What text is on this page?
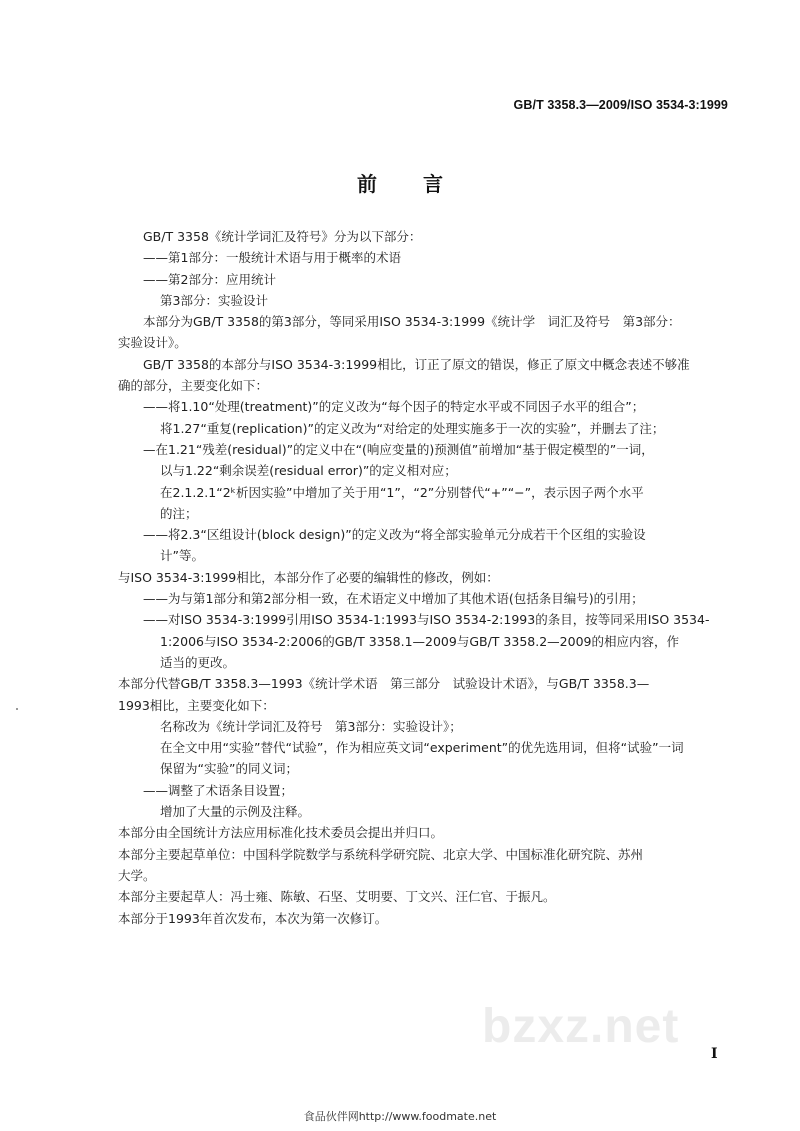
GB/T 3358.3—2009/ISO 3534-3:1999
前言
GB/T 3358《统计学词汇及符号》分为以下部分：
——第1部分：一般统计术语与用于概率的术语
——第2部分：应用统计
第3部分：实验设计
本部分为GB/T 3358的第3部分，等同采用ISO 3534-3:1999《统计学　词汇及符号　第3部分：
实验设计》。
GB/T 3358的本部分与ISO 3534-3:1999相比，订正了原文的错误，修正了原文中概念表述不够准
确的部分，主要变化如下：
——将1.10“处理(treatment)”的定义改为“每个因子的特定水平或不同因子水平的组合”；
将1.27“重复(replication)”的定义改为“对给定的处理实施多于一次的实验”，并删去了注；
—在1.21“残差(residual)”的定义中在“(响应变量的)预测值”前增加“基于假定模型的”一词，
以与1.22“剩余误差(residual error)”的定义相对应；
在2.1.2.1“2ᵏ析因实验”中增加了关于用“1”，“2”分别替代“+”“−”，表示因子两个水平
的注；
——将2.3“区组设计(block design)”的定义改为“将全部实验单元分成若干个区组的实验设
计”等。
与ISO 3534-3:1999相比，本部分作了必要的编辑性的修改，例如：
——为与第1部分和第2部分相一致，在术语定义中增加了其他术语(包括条目编号)的引用；
——对ISO 3534-3:1999引用ISO 3534-1:1993与ISO 3534-2:1993的条目，按等同采用ISO 3534-
1:2006与ISO 3534-2:2006的GB/T 3358.1—2009与GB/T 3358.2—2009的相应内容，作
适当的更改。
本部分代替GB/T 3358.3—1993《统计学术语　第三部分　试验设计术语》，与GB/T 3358.3—
1993相比，主要变化如下：
名称改为《统计学词汇及符号　第3部分：实验设计》；
在全文中用“实验”替代“试验”，作为相应英文词“experiment”的优先选用词，但将“试验”一词
保留为“实验”的同义词；
——调整了术语条目设置；
增加了大量的示例及注释。
本部分由全国统计方法应用标准化技术委员会提出并归口。
本部分主要起草单位：中国科学院数学与系统科学研究院、北京大学、中国标准化研究院、苏州
大学。
本部分主要起草人：冯士雍、陈敏、石坚、艾明要、丁文兴、汪仁官、于振凡。
本部分于1993年首次发布，本次为第一次修订。
bzxz.net
I
食品伙伴网http://www.foodmate.net
